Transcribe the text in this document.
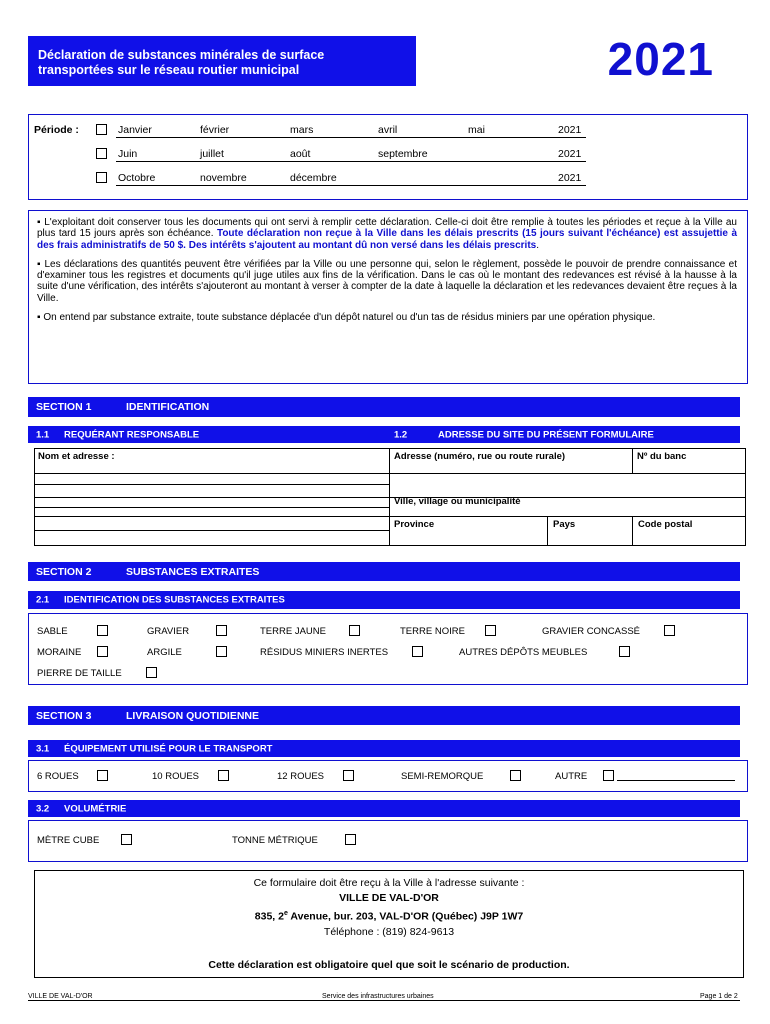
Déclaration de substances minérales de surface
transportées sur le réseau routier municipal	2021
Période :	Janvier	février	mars	avril	mai	2021
Juin	juillet	août	septembre	2021
Octobre	novembre	décembre	2021

▪ L'exploitant doit conserver tous les documents qui ont servi à remplir cette déclaration. Celle-ci doit être remplie à toutes les périodes et reçue à la Ville au plus tard 15 jours après son échéance. Toute déclaration non reçue à la Ville dans les délais prescrits (15 jours suivant l'échéance) est assujettie à des frais administratifs de 50 $. Des intérêts s'ajoutent au montant dû non versé dans les délais prescrits.

▪ Les déclarations des quantités peuvent être vérifiées par la Ville ou une personne qui, selon le règlement, possède le pouvoir de prendre connaissance et d'examiner tous les registres et documents qu'il juge utiles aux fins de la vérification. Dans le cas où le montant des redevances est révisé à la hausse à la suite d'une vérification, des intérêts s'ajouteront au montant à verser à compter de la date à laquelle la déclaration et les redevances devaient être reçues à la Ville.

▪ On entend par substance extraite, toute substance déplacée d'un dépôt naturel ou d'un tas de résidus miniers par une opération physique.

SECTION 1	IDENTIFICATION
1.1 REQUÉRANT RESPONSABLE	1.2	ADRESSE DU SITE DU PRÉSENT FORMULAIRE
Nom et adresse :	Adresse (numéro, rue ou route rurale)	Nº du banc
Ville, village ou municipalité
Province	Pays	Code postal
SECTION 2	SUBSTANCES EXTRAITES
2.1 IDENTIFICATION DES SUBSTANCES EXTRAITES
SABLE	GRAVIER	TERRE JAUNE	TERRE NOIRE	GRAVIER CONCASSÉ
MORAINE	ARGILE	RÉSIDUS MINIERS INERTES	AUTRES DÉPÔTS MEUBLES
PIERRE DE TAILLE
SECTION 3	LIVRAISON QUOTIDIENNE
3.1 ÉQUIPEMENT UTILISÉ POUR LE TRANSPORT
6 ROUES	10 ROUES	12 ROUES	SEMI-REMORQUE	AUTRE
3.2 VOLUMÉTRIE
MÈTRE CUBE	TONNE MÉTRIQUE
Ce formulaire doit être reçu à la Ville à l'adresse suivante :
VILLE DE VAL-D'OR
835, 2e Avenue, bur. 203, VAL-D'OR (Québec) J9P 1W7
Téléphone : (819) 824-9613
Cette déclaration est obligatoire quel que soit le scénario de production.
VILLE DE VAL-D'OR	Service des infrastructures urbaines	Page 1 de 2
